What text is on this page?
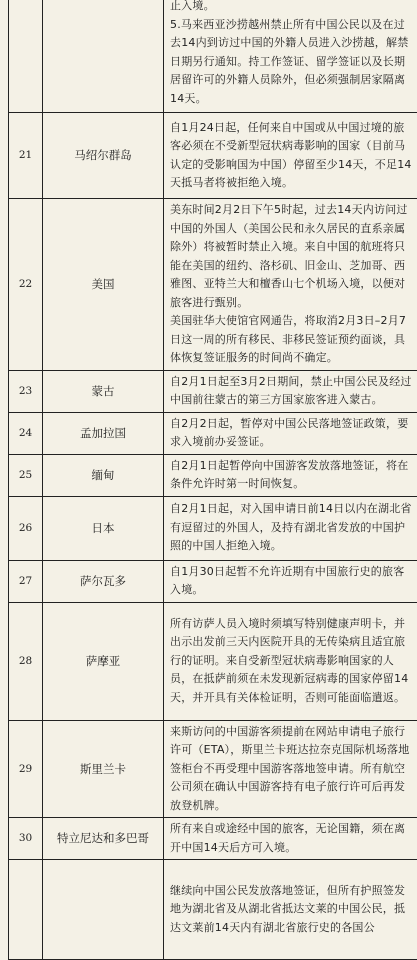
		止入境。
5.马来西亚沙捞越州禁止所有中国公民以及在过去14内到访过中国的外籍人员进入沙捞越，解禁日期另行通知。持工作签证、留学签证以及长期居留许可的外籍人员除外，但必须强制居家隔离14天。

21	马绍尔群岛	自1月24日起，任何来自中国或从中国过境的旅客必须在不受新型冠状病毒影响的国家（目前马认定的受影响国为中国）停留至少14天，不足14天抵马者将被拒绝入境。

22	美国	美东时间2月2日下午5时起，过去14天内访问过中国的外国人（美国公民和永久居民的直系亲属除外）将被暂时禁止入境。来自中国的航班将只能在美国的纽约、洛杉矶、旧金山、芝加哥、西雅图、亚特兰大和檀香山七个机场入境，以便对旅客进行甄别。
美国驻华大使馆官网通告，将取消2月3日–2月7日这一周的所有移民、非移民签证预约面谈，具体恢复签证服务的时间尚不确定。

23	蒙古	自2月1日起至3月2日期间，禁止中国公民及经过中国前往蒙古的第三方国家旅客进入蒙古。

24	孟加拉国	自2月2日起，暂停对中国公民落地签证政策，要求入境前办妥签证。

25	缅甸	自2月1日起暂停向中国游客发放落地签证，将在条件允许时第一时间恢复。

26	日本	自2月1日起，对入国申请日前14日以内在湖北省有逗留过的外国人，及持有湖北省发放的中国护照的中国人拒绝入境。

27	萨尔瓦多	自1月30日起暂不允许近期有中国旅行史的旅客入境。

28	萨摩亚	所有访萨人员入境时须填写特别健康声明卡，并出示出发前三天内医院开具的无传染病且适宜旅行的证明。来自受新型冠状病毒影响国家的人员，在抵萨前须在未发现新冠病毒的国家停留14天，并开具有关体检证明，否则可能面临遣返。

29	斯里兰卡	来斯访问的中国游客须提前在网站申请电子旅行许可（ETA），斯里兰卡班达拉奈克国际机场落地签柜台不再受理中国游客落地签申请。所有航空公司须在确认中国游客持有电子旅行许可后再发放登机牌。

30	特立尼达和多巴哥	所有来自或途经中国的旅客，无论国籍，须在离开中国14天后方可入境。

		继续向中国公民发放落地签证，但所有护照签发地为湖北省及从湖北省抵达文莱的中国公民，抵达文莱前14天内有湖北省旅行史的各国公
